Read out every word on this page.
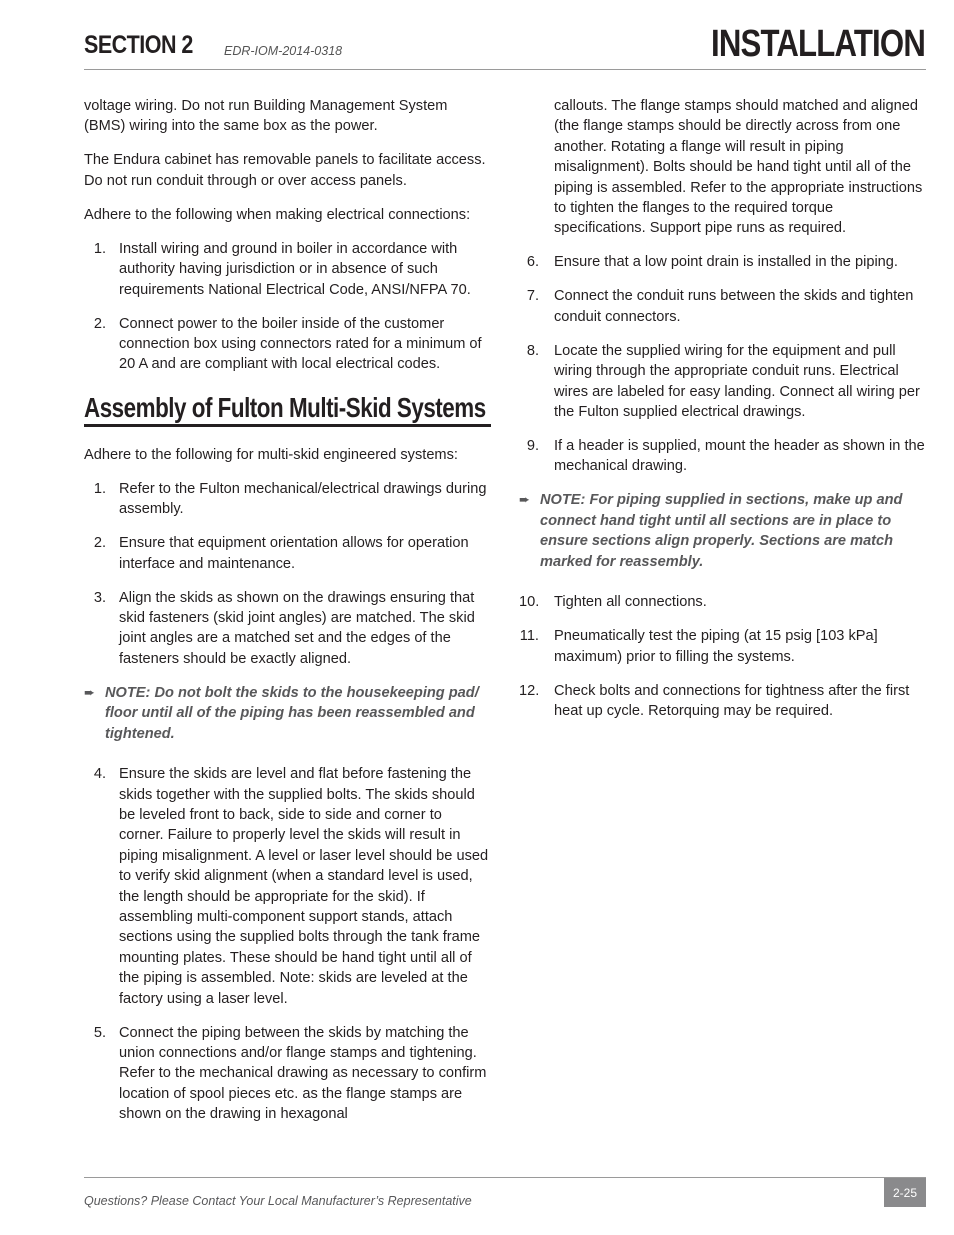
SECTION 2 EDR-IOM-2014-0318	INSTALLATION

voltage wiring. Do not run Building Management System (BMS) wiring into the same box as the power.

The Endura cabinet has removable panels to facilitate access. Do not run conduit through or over access panels.

Adhere to the following when making electrical connections:

1. Install wiring and ground in boiler in accordance with authority having jurisdiction or in absence of such requirements National Electrical Code, ANSI/NFPA 70.
2. Connect power to the boiler inside of the customer connection box using connectors rated for a minimum of 20 A and are compliant with local electrical codes.
Assembly of Fulton Multi-Skid Systems

Adhere to the following for multi-skid engineered systems:

1. Refer to the Fulton mechanical/electrical drawings during assembly.
2. Ensure that equipment orientation allows for operation interface and maintenance.
3. Align the skids as shown on the drawings ensuring that skid fasteners (skid joint angles) are matched. The skid joint angles are a matched set and the edges of the fasteners should be exactly aligned.
➨ NOTE: Do not bolt the skids to the housekeeping pad/ floor until all of the piping has been reassembled and tightened.
4. Ensure the skids are level and flat before fastening the skids together with the supplied bolts. The skids should be leveled front to back, side to side and corner to corner. Failure to properly level the skids will result in piping misalignment. A level or laser level should be used to verify skid alignment (when a standard level is used, the length should be appropriate for the skid). If assembling multi-component support stands, attach sections using the supplied bolts through the tank frame mounting plates. These should be hand tight until all of the piping is assembled. Note: skids are leveled at the factory using a laser level.
5. Connect the piping between the skids by matching the union connections and/or flange stamps and tightening. Refer to the mechanical drawing as necessary to confirm location of spool pieces etc. as the flange stamps are shown on the drawing in hexagonal
callouts. The flange stamps should matched and aligned (the flange stamps should be directly across from one another. Rotating a flange will result in piping misalignment). Bolts should be hand tight until all of the piping is assembled. Refer to the appropriate instructions to tighten the flanges to the required torque specifications. Support pipe runs as required.
6. Ensure that a low point drain is installed in the piping.
7. Connect the conduit runs between the skids and tighten conduit connectors.
8. Locate the supplied wiring for the equipment and pull wiring through the appropriate conduit runs. Electrical wires are labeled for easy landing. Connect all wiring per the Fulton supplied electrical drawings.
9. If a header is supplied, mount the header as shown in the mechanical drawing.
➨ NOTE: For piping supplied in sections, make up and connect hand tight until all sections are in place to ensure sections align properly. Sections are match marked for reassembly.
10. Tighten all connections.
11. Pneumatically test the piping (at 15 psig [103 kPa] maximum) prior to filling the systems.
12. Check bolts and connections for tightness after the first heat up cycle. Retorquing may be required.
Questions? Please Contact Your Local Manufacturer’s Representative
2-25
